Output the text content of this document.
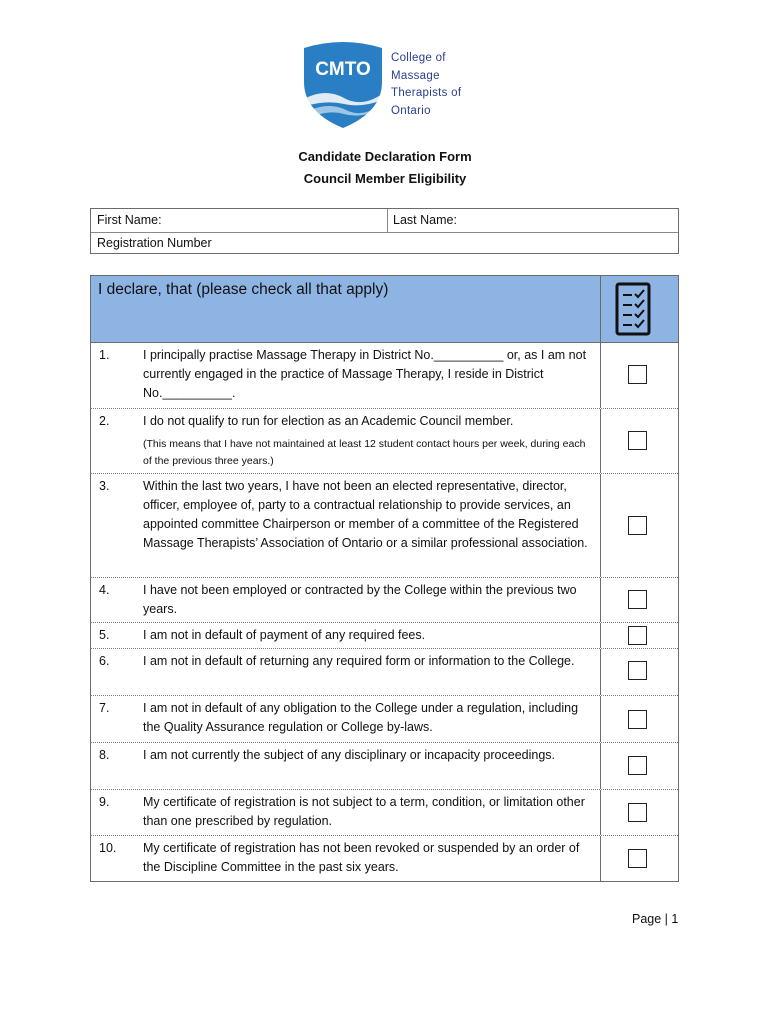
CMTO
College of
Massage
Therapists of
Ontario
Candidate Declaration Form
Council Member Eligibility
First Name:	Last Name:
Registration Number
I declare, that (please check all that apply)
1.	I principally practise Massage Therapy in District No.__________ or, as I am not currently engaged in the practice of Massage Therapy, I reside in District No.__________.
2.	I do not qualify to run for election as an Academic Council member.
(This means that I have not maintained at least 12 student contact hours per week, during each of the previous three years.)
3.	Within the last two years, I have not been an elected representative, director, officer, employee of, party to a contractual relationship to provide services, an appointed committee Chairperson or member of a committee of the Registered Massage Therapists’ Association of Ontario or a similar professional association.
4.	I have not been employed or contracted by the College within the previous two years.
5.	I am not in default of payment of any required fees.
6.	I am not in default of returning any required form or information to the College.
7.	I am not in default of any obligation to the College under a regulation, including the Quality Assurance regulation or College by-laws.
8.	I am not currently the subject of any disciplinary or incapacity proceedings.
9.	My certificate of registration is not subject to a term, condition, or limitation other than one prescribed by regulation.
10. My certificate of registration has not been revoked or suspended by an order of the Discipline Committee in the past six years.
Page | 1
